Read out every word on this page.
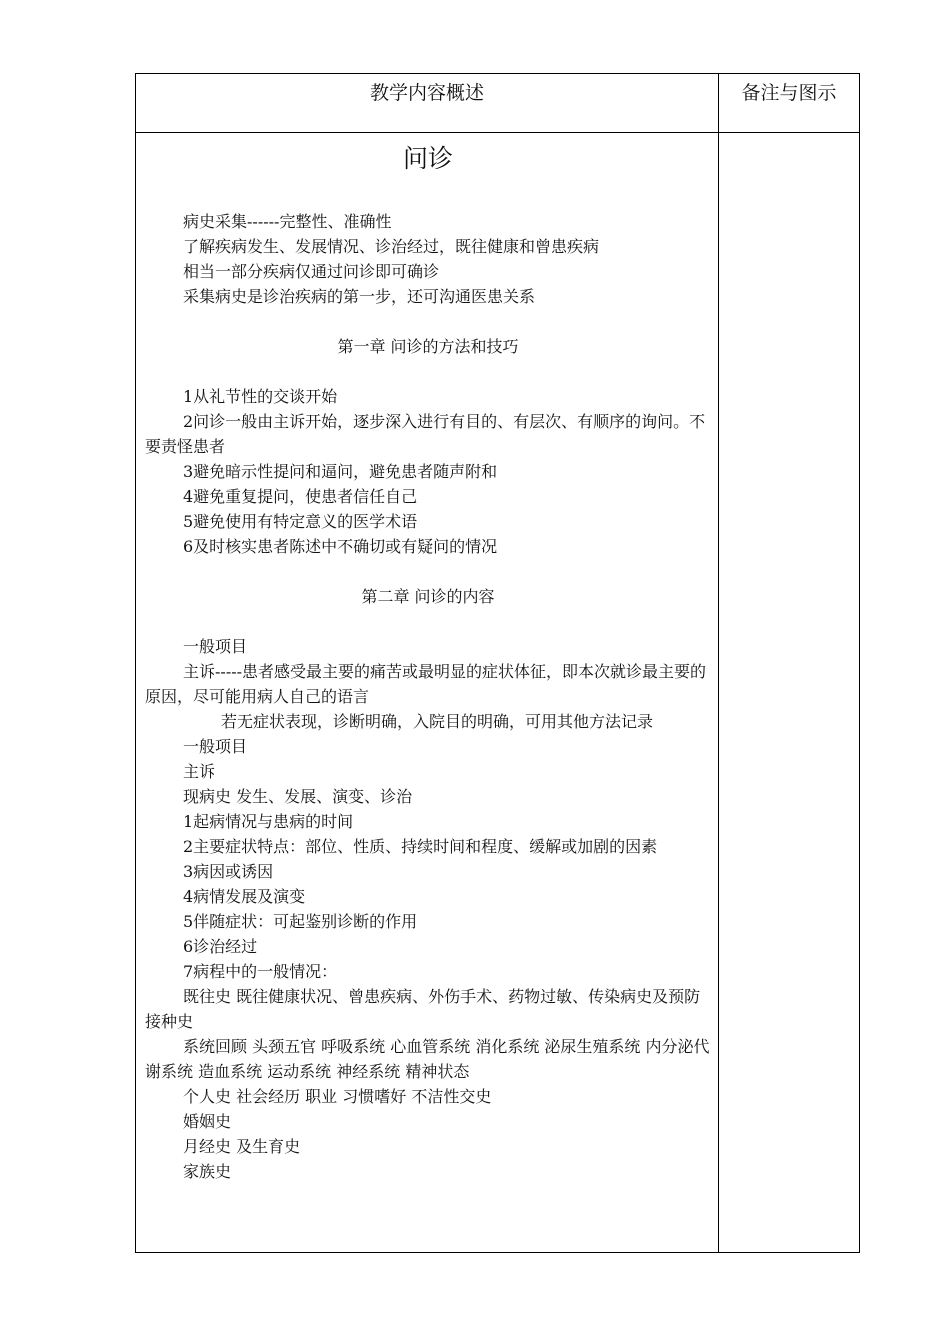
教学内容概述	备注与图示
问诊

病史采集------完整性、准确性

了解疾病发生、发展情况、诊治经过，既往健康和曾患疾病

相当一部分疾病仅通过问诊即可确诊

采集病史是诊治疾病的第一步，还可沟通医患关系

第一章 问诊的方法和技巧

1从礼节性的交谈开始

2问诊一般由主诉开始，逐步深入进行有目的、有层次、有顺序的询问。不要责怪患者

3避免暗示性提问和逼问，避免患者随声附和

4避免重复提问，使患者信任自己

5避免使用有特定意义的医学术语

6及时核实患者陈述中不确切或有疑问的情况

第二章 问诊的内容

一般项目

主诉-----患者感受最主要的痛苦或最明显的症状体征，即本次就诊最主要的原因，尽可能用病人自己的语言

若无症状表现，诊断明确，入院目的明确，可用其他方法记录

一般项目

主诉

现病史 发生、发展、演变、诊治

1起病情况与患病的时间

2主要症状特点：部位、性质、持续时间和程度、缓解或加剧的因素

3病因或诱因

4病情发展及演变

5伴随症状：可起鉴别诊断的作用

6诊治经过

7病程中的一般情况：

既往史 既往健康状况、曾患疾病、外伤手术、药物过敏、传染病史及预防接种史

系统回顾 头颈五官 呼吸系统 心血管系统 消化系统 泌尿生殖系统 内分泌代谢系统 造血系统 运动系统 神经系统 精神状态

个人史 社会经历 职业 习惯嗜好 不洁性交史

婚姻史

月经史 及生育史

家族史
